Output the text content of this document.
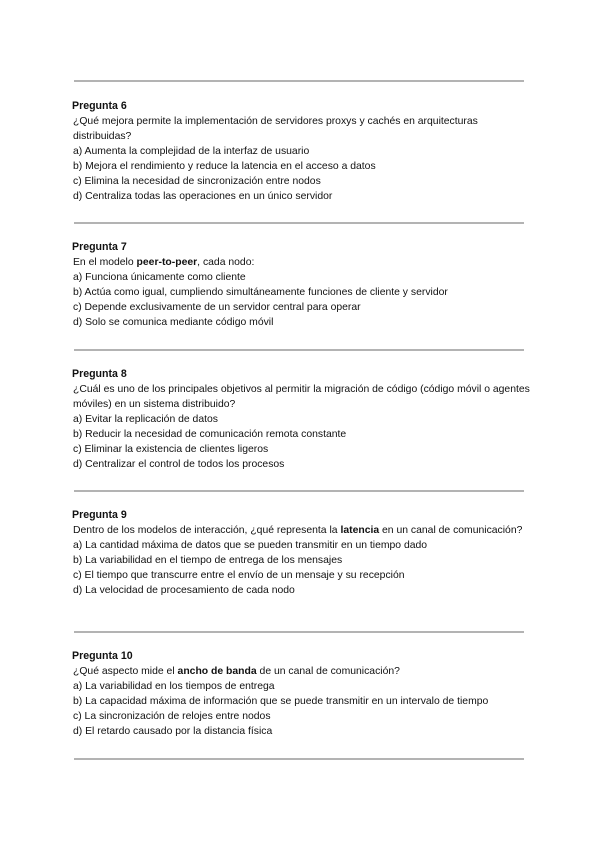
Pregunta 6
¿Qué mejora permite la implementación de servidores proxys y cachés en arquitecturas distribuidas?
a) Aumenta la complejidad de la interfaz de usuario
b) Mejora el rendimiento y reduce la latencia en el acceso a datos
c) Elimina la necesidad de sincronización entre nodos
d) Centraliza todas las operaciones en un único servidor
Pregunta 7
En el modelo peer-to-peer, cada nodo:
a) Funciona únicamente como cliente
b) Actúa como igual, cumpliendo simultáneamente funciones de cliente y servidor
c) Depende exclusivamente de un servidor central para operar
d) Solo se comunica mediante código móvil
Pregunta 8
¿Cuál es uno de los principales objetivos al permitir la migración de código (código móvil o agentes móviles) en un sistema distribuido?
a) Evitar la replicación de datos
b) Reducir la necesidad de comunicación remota constante
c) Eliminar la existencia de clientes ligeros
d) Centralizar el control de todos los procesos
Pregunta 9
Dentro de los modelos de interacción, ¿qué representa la latencia en un canal de comunicación?
a) La cantidad máxima de datos que se pueden transmitir en un tiempo dado
b) La variabilidad en el tiempo de entrega de los mensajes
c) El tiempo que transcurre entre el envío de un mensaje y su recepción
d) La velocidad de procesamiento de cada nodo
Pregunta 10
¿Qué aspecto mide el ancho de banda de un canal de comunicación?
a) La variabilidad en los tiempos de entrega
b) La capacidad máxima de información que se puede transmitir en un intervalo de tiempo
c) La sincronización de relojes entre nodos
d) El retardo causado por la distancia física
